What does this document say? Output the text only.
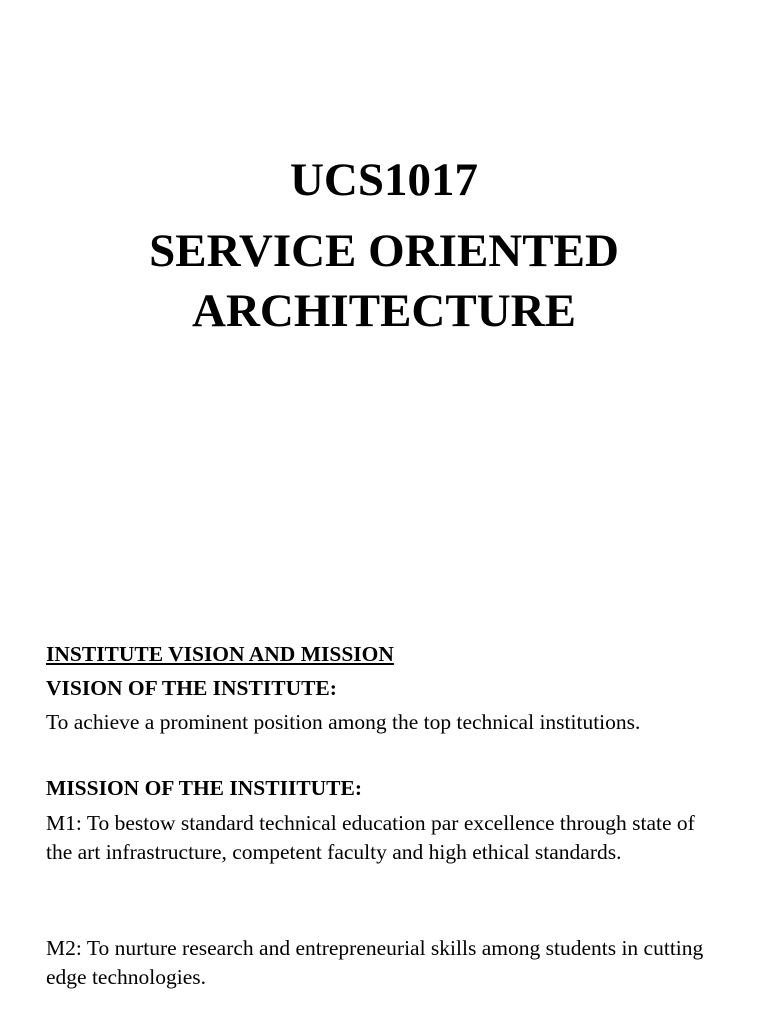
UCS1017
SERVICE ORIENTED
ARCHITECTURE
INSTITUTE VISION AND MISSION
VISION OF THE INSTITUTE:
To achieve a prominent position among the top technical institutions.
MISSION OF THE INSTIITUTE:
M1: To bestow standard technical education par excellence through state of the art infrastructure, competent faculty and high ethical standards.
M2: To nurture research and entrepreneurial skills among students in cutting edge technologies.
